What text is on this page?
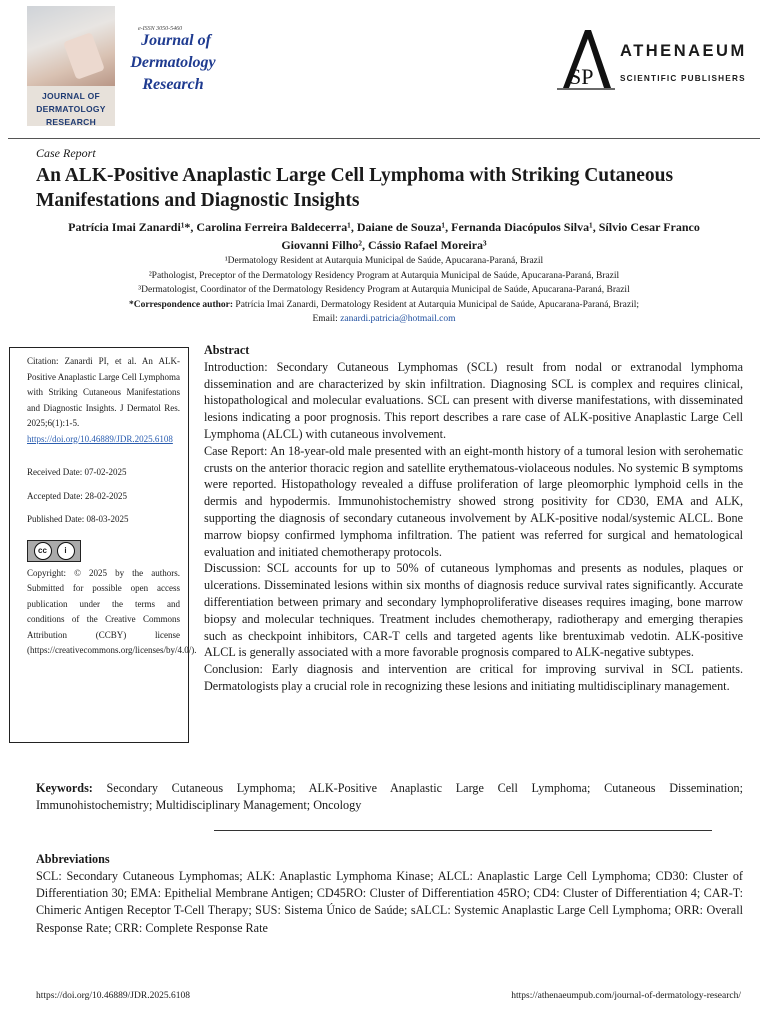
JOURNAL OF
DERMATOLOGY
RESEARCH
e-ISSN 3050-5460
Journal of
Dermatology
Research	SP
ATHENAEUM
SCIENTIFIC PUBLISHERS
Case Report
An ALK-Positive Anaplastic Large Cell Lymphoma with Striking Cutaneous Manifestations and Diagnostic Insights
Patrícia Imai Zanardi¹*, Carolina Ferreira Baldecerra¹, Daiane de Souza¹, Fernanda Diacópulos Silva¹, Sílvio Cesar Franco
Giovanni Filho², Cássio Rafael Moreira³
¹Dermatology Resident at Autarquia Municipal de Saúde, Apucarana-Paraná, Brazil
²Pathologist, Preceptor of the Dermatology Residency Program at Autarquia Municipal de Saúde, Apucarana-Paraná, Brazil
³Dermatologist, Coordinator of the Dermatology Residency Program at Autarquia Municipal de Saúde, Apucarana-Paraná, Brazil
*Correspondence author: Patrícia Imai Zanardi, Dermatology Resident at Autarquia Municipal de Saúde, Apucarana-Paraná, Brazil;
Email: zanardi.patricia@hotmail.com
Citation: Zanardi PI, et al. An ALK-Positive Anaplastic Large Cell Lymphoma with Striking Cutaneous Manifestations and Diagnostic Insights. J Dermatol Res. 2025;6(1):1-5.
https://doi.org/10.46889/JDR.2025.6108
Received Date: 07-02-2025
Accepted Date: 28-02-2025
Published Date: 08-03-2025
cc	i
Copyright: © 2025 by the authors. Submitted for possible open access publication under the terms and conditions of the Creative Commons Attribution (CCBY) license (https://creativecommons.org/licenses/by/4.0/).

Abstract

Introduction: Secondary Cutaneous Lymphomas (SCL) result from nodal or extranodal lymphoma dissemination and are characterized by skin infiltration. Diagnosing SCL is complex and requires clinical, histopathological and molecular evaluations. SCL can present with diverse manifestations, with disseminated lesions indicating a poor prognosis. This report describes a rare case of ALK-positive Anaplastic Large Cell Lymphoma (ALCL) with cutaneous involvement.

Case Report: An 18-year-old male presented with an eight-month history of a tumoral lesion with serohematic crusts on the anterior thoracic region and satellite erythematous-violaceous nodules. No systemic B symptoms were reported. Histopathology revealed a diffuse proliferation of large pleomorphic lymphoid cells in the dermis and hypodermis. Immunohistochemistry showed strong positivity for CD30, EMA and ALK, supporting the diagnosis of secondary cutaneous involvement by ALK-positive nodal/systemic ALCL. Bone marrow biopsy confirmed lymphoma infiltration. The patient was referred for surgical and hematological evaluation and initiated chemotherapy protocols.

Discussion: SCL accounts for up to 50% of cutaneous lymphomas and presents as nodules, plaques or ulcerations. Disseminated lesions within six months of diagnosis reduce survival rates significantly. Accurate differentiation between primary and secondary lymphoproliferative diseases requires imaging, bone marrow biopsy and molecular techniques. Treatment includes chemotherapy, radiotherapy and emerging therapies such as checkpoint inhibitors, CAR-T cells and targeted agents like brentuximab vedotin. ALK-positive ALCL is generally associated with a more favorable prognosis compared to ALK-negative subtypes.

Conclusion: Early diagnosis and intervention are critical for improving survival in SCL patients. Dermatologists play a crucial role in recognizing these lesions and initiating multidisciplinary management.

Keywords: Secondary Cutaneous Lymphoma; ALK-Positive Anaplastic Large Cell Lymphoma; Cutaneous Dissemination; Immunohistochemistry; Multidisciplinary Management; Oncology
Abbreviations
SCL: Secondary Cutaneous Lymphomas; ALK: Anaplastic Lymphoma Kinase; ALCL: Anaplastic Large Cell Lymphoma; CD30: Cluster of Differentiation 30; EMA: Epithelial Membrane Antigen; CD45RO: Cluster of Differentiation 45RO; CD4: Cluster of Differentiation 4; CAR-T: Chimeric Antigen Receptor T-Cell Therapy; SUS: Sistema Único de Saúde; sALCL: Systemic Anaplastic Large Cell Lymphoma; ORR: Overall Response Rate; CRR: Complete Response Rate
https://doi.org/10.46889/JDR.2025.6108	https://athenaeumpub.com/journal-of-dermatology-research/
